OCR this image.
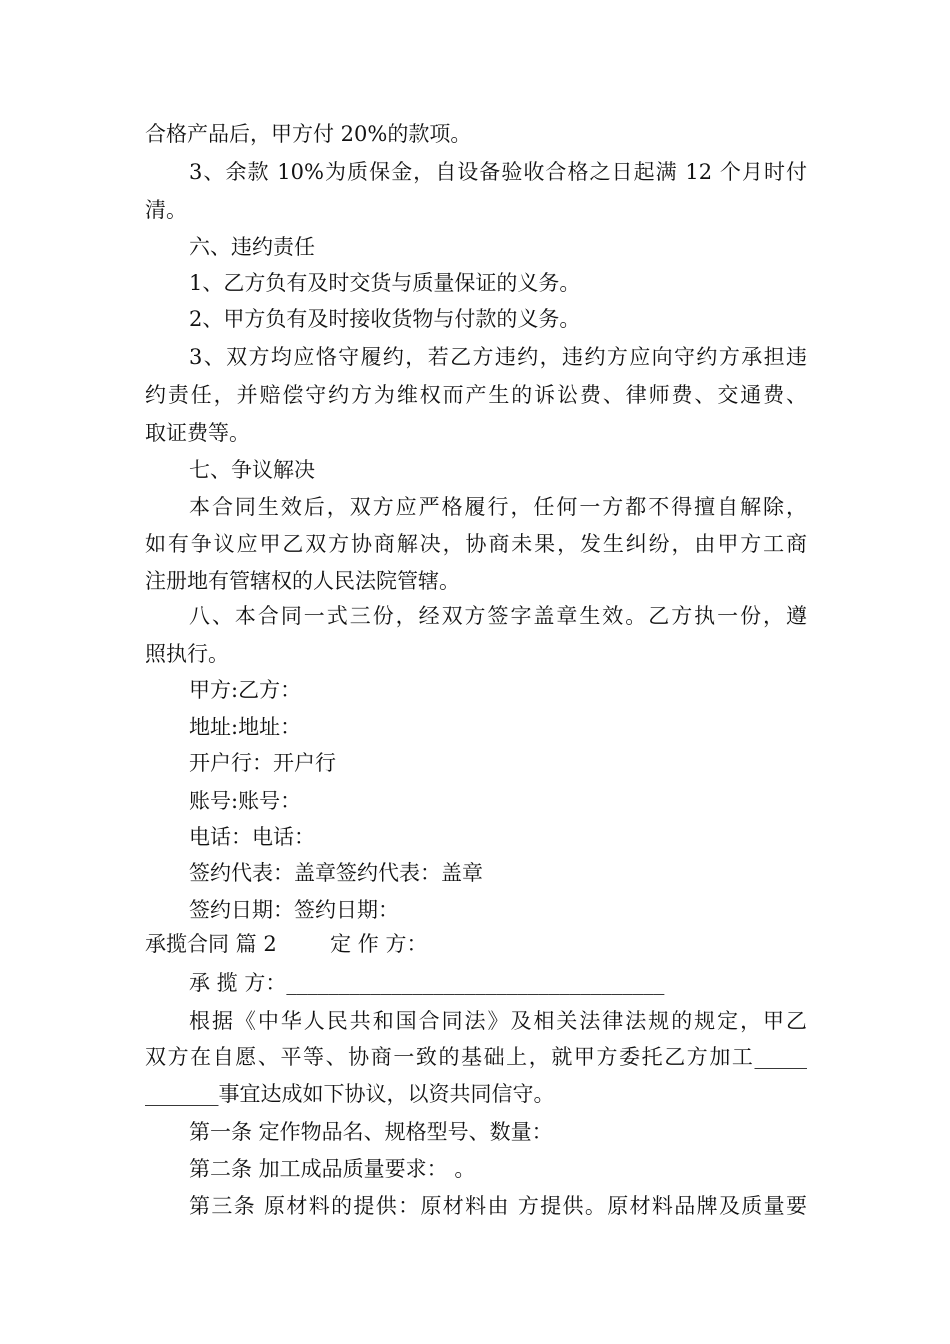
合格产品后，甲方付 20%的款项。
3、余款 10%为质保金，自设备验收合格之日起满 12 个月时付
清。
六、违约责任
1、乙方负有及时交货与质量保证的义务。
2、甲方负有及时接收货物与付款的义务。
3、双方均应恪守履约，若乙方违约，违约方应向守约方承担违
约责任，并赔偿守约方为维权而产生的诉讼费、律师费、交通费、
取证费等。
七、争议解决
本合同生效后，双方应严格履行，任何一方都不得擅自解除，
如有争议应甲乙双方协商解决，协商未果，发生纠纷，由甲方工商
注册地有管辖权的人民法院管辖。
八、本合同一式三份，经双方签字盖章生效。乙方执一份，遵
照执行。
甲方:乙方：
地址:地址：
开户行：开户行
账号:账号：
电话：电话：
签约代表：盖章签约代表：盖章
签约日期：签约日期：
承揽合同 篇 2        定 作 方：
承 揽 方：____________________________________
根据《中华人民共和国合同法》及相关法律法规的规定，甲乙
双方在自愿、平等、协商一致的基础上，就甲方委托乙方加工_____
_______事宜达成如下协议，以资共同信守。
第一条 定作物品名、规格型号、数量：
第二条 加工成品质量要求： 。
第三条 原材料的提供：原材料由 方提供。原材料品牌及质量要
